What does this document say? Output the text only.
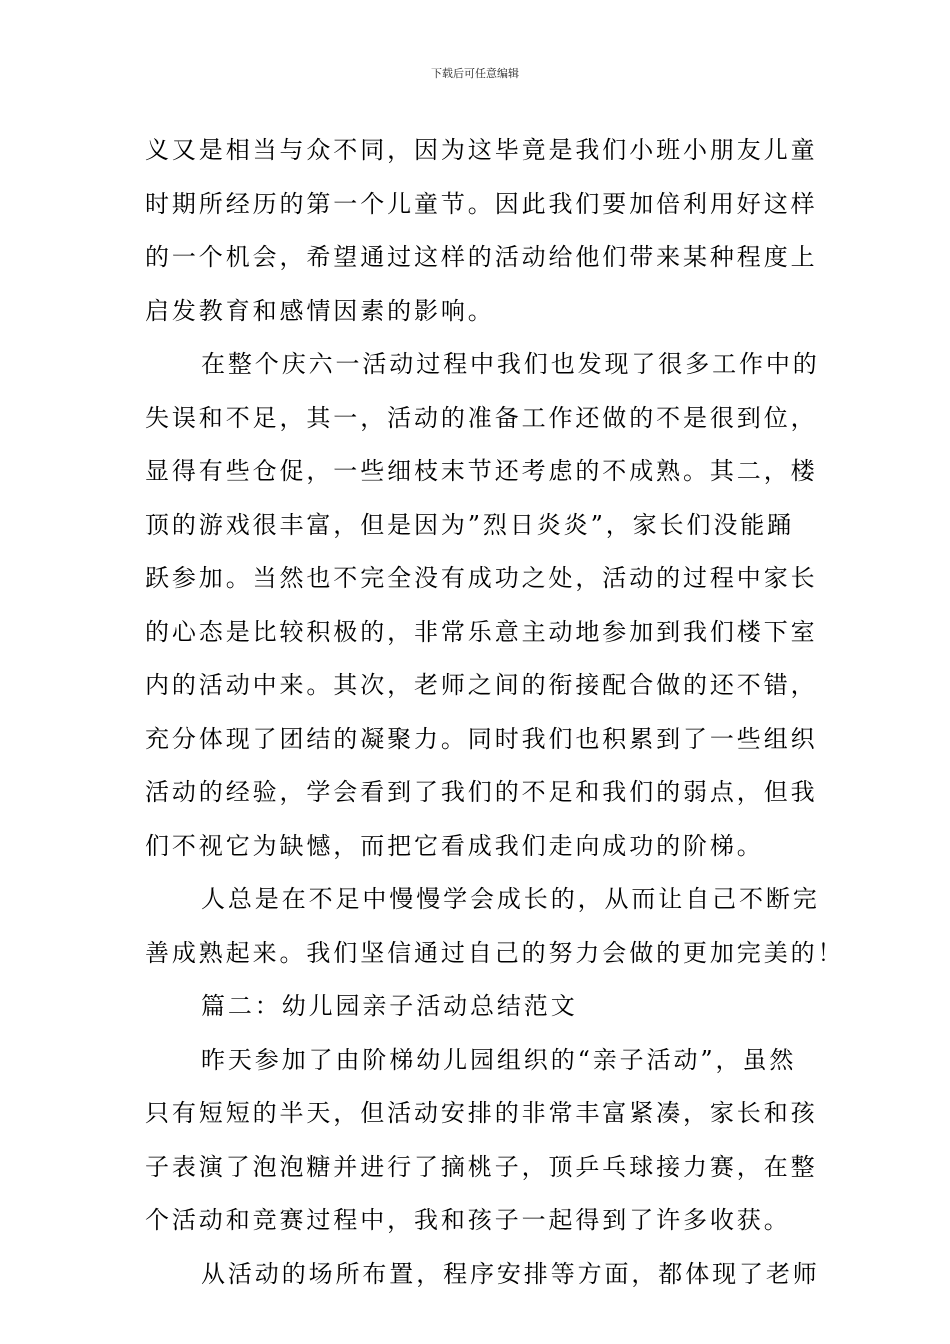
下载后可任意编辑
义又是相当与众不同，因为这毕竟是我们小班小朋友儿童
时期所经历的第一个儿童节。因此我们要加倍利用好这样
的一个机会，希望通过这样的活动给他们带来某种程度上
启发教育和感情因素的影响。
在整个庆六一活动过程中我们也发现了很多工作中的
失误和不足，其一，活动的准备工作还做的不是很到位，
显得有些仓促，一些细枝末节还考虑的不成熟。其二，楼
顶的游戏很丰富，但是因为”烈日炎炎”，家长们没能踊
跃参加。当然也不完全没有成功之处，活动的过程中家长
的心态是比较积极的，非常乐意主动地参加到我们楼下室
内的活动中来。其次，老师之间的衔接配合做的还不错，
充分体现了团结的凝聚力。同时我们也积累到了一些组织
活动的经验，学会看到了我们的不足和我们的弱点，但我
们不视它为缺憾，而把它看成我们走向成功的阶梯。
人总是在不足中慢慢学会成长的，从而让自己不断完
善成熟起来。我们坚信通过自己的努力会做的更加完美的！
篇二：幼儿园亲子活动总结范文
昨天参加了由阶梯幼儿园组织的“亲子活动”，虽然
只有短短的半天，但活动安排的非常丰富紧凑，家长和孩
子表演了泡泡糖并进行了摘桃子，顶乒乓球接力赛，在整
个活动和竞赛过程中，我和孩子一起得到了许多收获。
从活动的场所布置，程序安排等方面，都体现了老师
